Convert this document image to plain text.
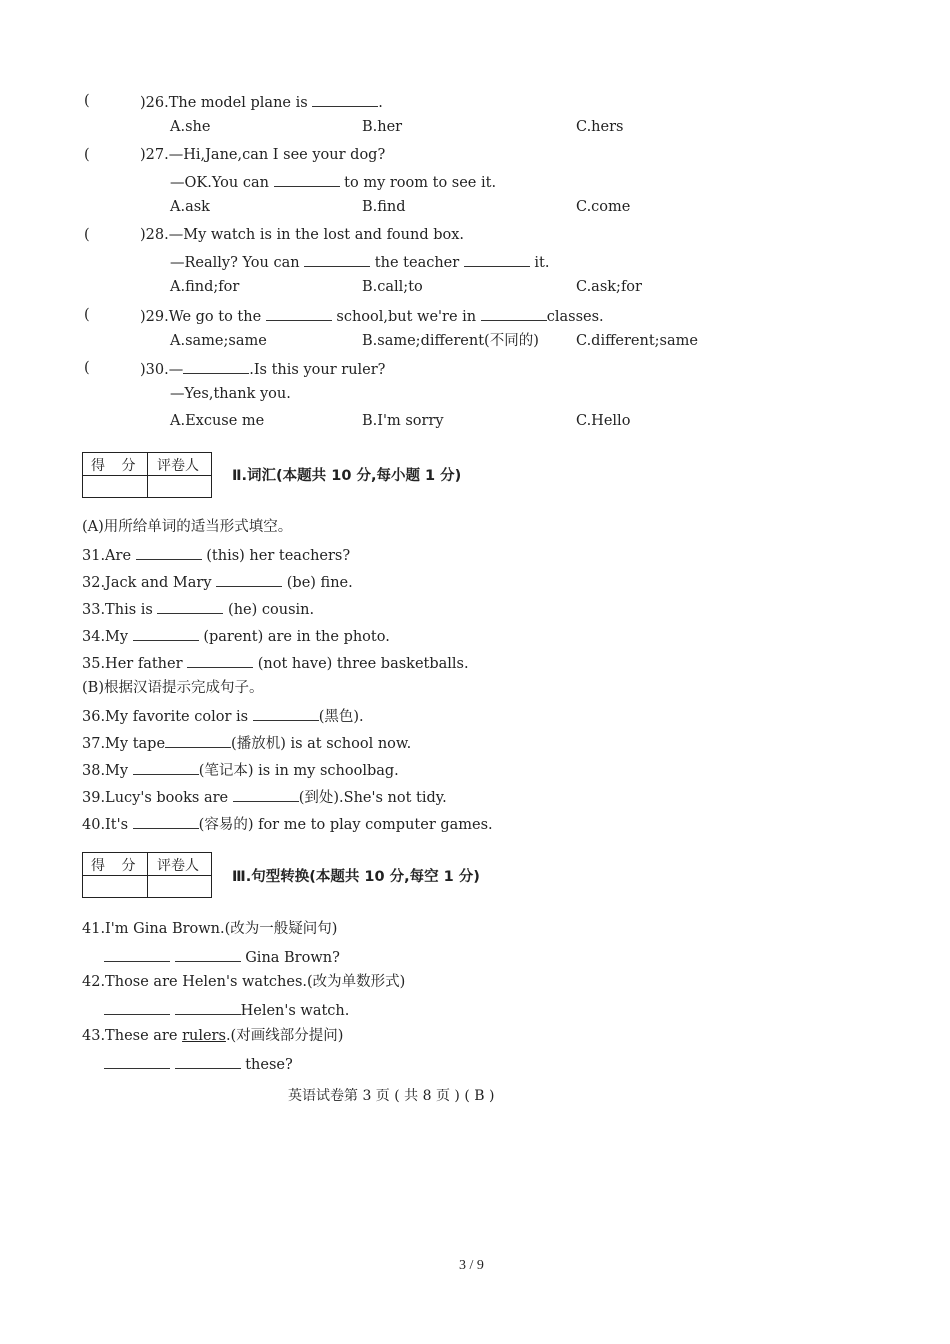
(	)26.The model plane is	.
A.she	B.her	C.hers
(	)27.—Hi,Jane,can I see your dog?
—OK.You can	to my room to see it.
A.ask	B.find	C.come
(	)28.—My watch is in the lost and found box.
—Really? You can	the teacher	it.
A.find;for	B.call;to	C.ask;for
(	)29.We go to the	school,but we're in	classes.
A.same;same	B.same;different(不同的)	C.different;same
(	)30.—	.Is this your ruler?
—Yes,thank you.
A.Excuse me	B.I'm sorry	C.Hello
得 分 评卷人
Ⅱ.词汇(本题共 10 分,每小题 1 分)
(A)用所给单词的适当形式填空。
31.Are	(this) her teachers?
32.Jack and Mary	(be) fine.
33.This is	(he) cousin.
34.My	(parent) are in the photo.
35.Her father	(not have) three basketballs.
(B)根据汉语提示完成句子。
36.My favorite color is	(黑色).
37.My tape	(播放机) is at school now.
38.My	(笔记本) is in my schoolbag.
39.Lucy's books are	(到处).She's not tidy.
40.It's	(容易的) for me to play computer games.
得 分 评卷人
Ⅲ.句型转换(本题共 10 分,每空 1 分)
41.I'm Gina Brown.(改为一般疑问句)
Gina Brown?
42.Those are Helen's watches.(改为单数形式)
Helen's watch.
43.These are rulers.(对画线部分提问)
these?
英语试卷第 3 页 ( 共 8 页 ) ( B )
3 / 9
